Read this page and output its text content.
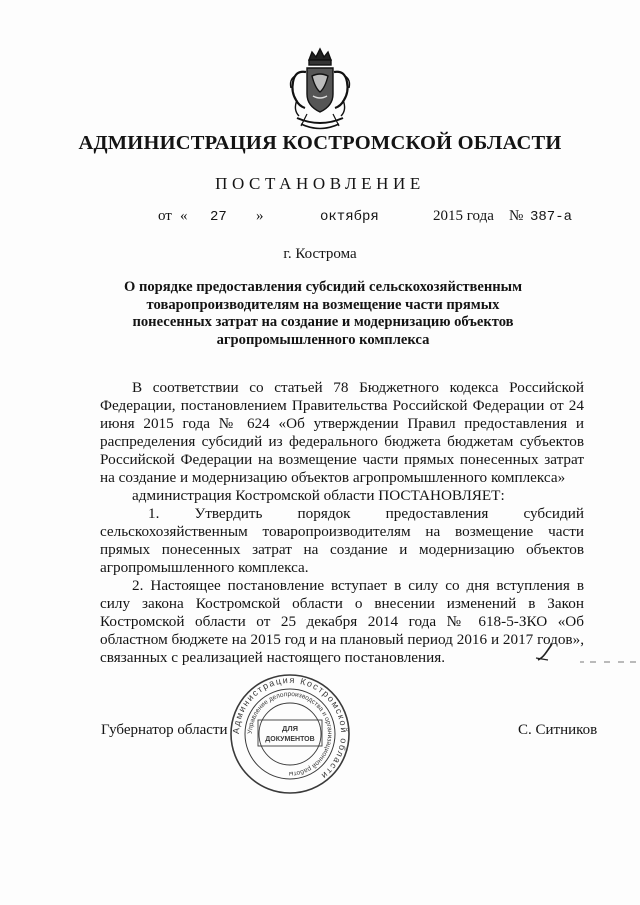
АДМИНИСТРАЦИЯ КОСТРОМСКОЙ ОБЛАСТИ
ПОСТАНОВЛЕНИЕ
от « 27 »	октября	2015 года № 387-а
г. Кострома
О порядке предоставления субсидий сельскохозяйственным товаропроизводителям на возмещение части прямых понесенных затрат на создание и модернизацию объектов агропромышленного комплекса

В соответствии со статьей 78 Бюджетного кодекса Российской Федерации, постановлением Правительства Российской Федерации от 24 июня 2015 года № 624 «Об утверждении Правил предоставления и распределения субсидий из федерального бюджета бюджетам субъектов Российской Федерации на возмещение части прямых понесенных затрат на создание и модернизацию объектов агропромышленного комплекса»

администрация Костромской области ПОСТАНОВЛЯЕТ:

1. Утвердить порядок предоставления субсидий сельскохозяйственным товаропроизводителям на возмещение части прямых понесенных затрат на создание и модернизацию объектов агропромышленного комплекса.

2. Настоящее постановление вступает в силу со дня вступления в силу закона Костромской области о внесении изменений в Закон Костромской области от 25 декабря 2014 года № 618-5-ЗКО «Об областном бюджете на 2015 год и на плановый период 2016 и 2017 годов», связанных с реализацией настоящего постановления.

Губернатор области	С. Ситников
Администрация Костромской области
Управление делопроизводства и организационной работы
ДЛЯ
ДОКУМЕНТОВ
